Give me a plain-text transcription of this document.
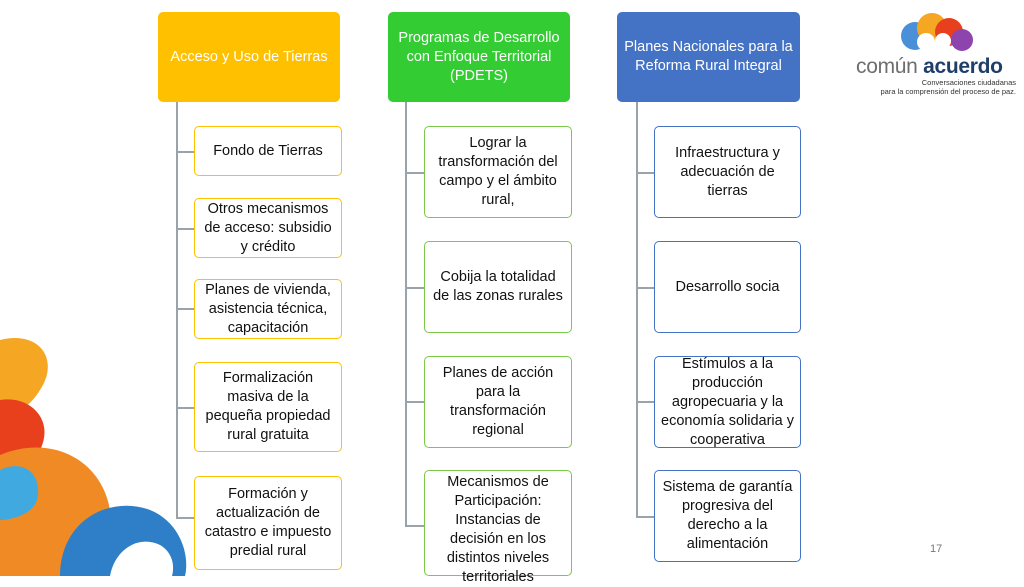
Acceso y Uso de Tierras
Fondo de Tierras
Otros mecanismos de acceso: subsidio y crédito
Planes de vivienda, asistencia técnica, capacitación
Formalización masiva de la pequeña propiedad rural gratuita
Formación y actualización de catastro e impuesto predial rural
Programas de Desarrollo con Enfoque Territorial (PDETS)
Lograr la transformación del campo y el ámbito rural,
Cobija la totalidad de las zonas rurales
Planes de acción para la transformación regional
Mecanismos de Participación: Instancias de decisión en los distintos niveles territoriales
Planes Nacionales para la Reforma Rural Integral
Infraestructura y adecuación de tierras
Desarrollo socia
Estímulos a la producción agropecuaria y la economía solidaria y cooperativa
Sistema de garantía progresiva del derecho a la alimentación
común acuerdo
Conversaciones ciudadanas
para la comprensión del proceso de paz.
17
